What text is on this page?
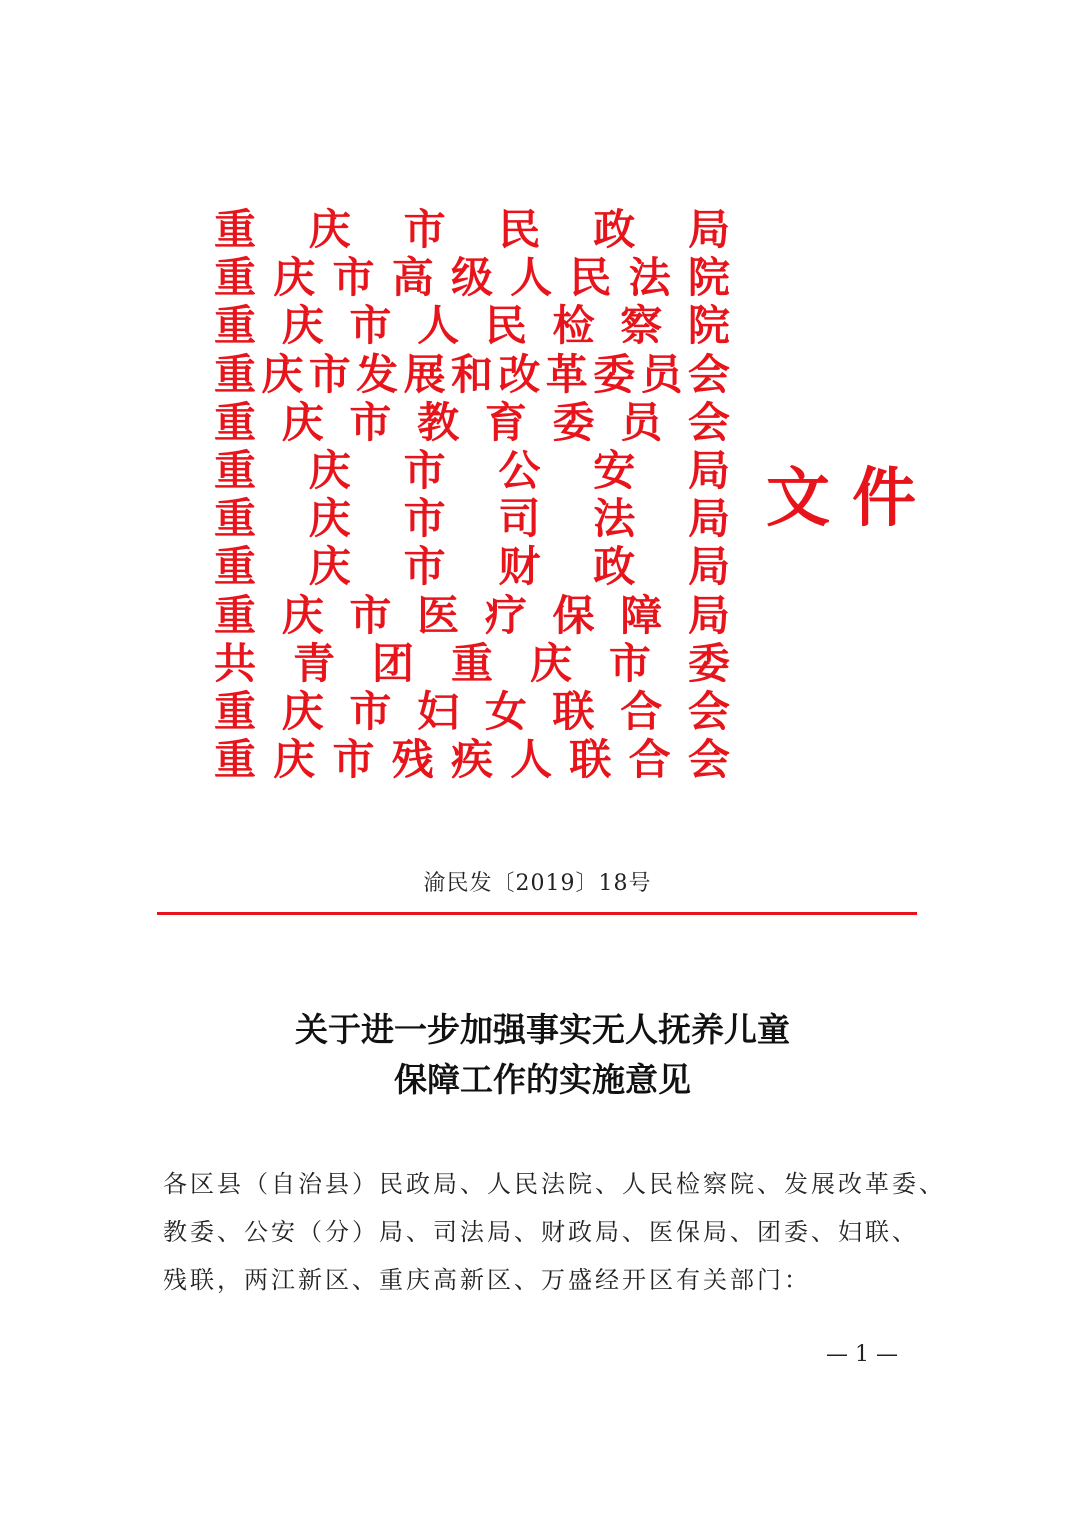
重 庆 市 民 政 局
重 庆 市 高 级 人 民 法 院
重 庆 市 人 民 检 察 院
重 庆 市 发 展 和 改 革 委 员 会
重 庆 市 教 育 委 员 会
重 庆 市 公 安 局
重 庆 市 司 法 局
重 庆 市 财 政 局
重 庆 市 医 疗 保 障 局
共 青 团 重 庆 市 委
重 庆 市 妇 女 联 合 会
重 庆 市 残 疾 人 联 合 会
文件
渝民发〔2019〕18号
关于进一步加强事实无人抚养儿童
保障工作的实施意见
各区县（自治县）民政局、人民法院、人民检察院、发展改革委、
教委、公安（分）局、司法局、财政局、医保局、团委、妇联、
残联，两江新区、重庆高新区、万盛经开区有关部门：
— 1 —
